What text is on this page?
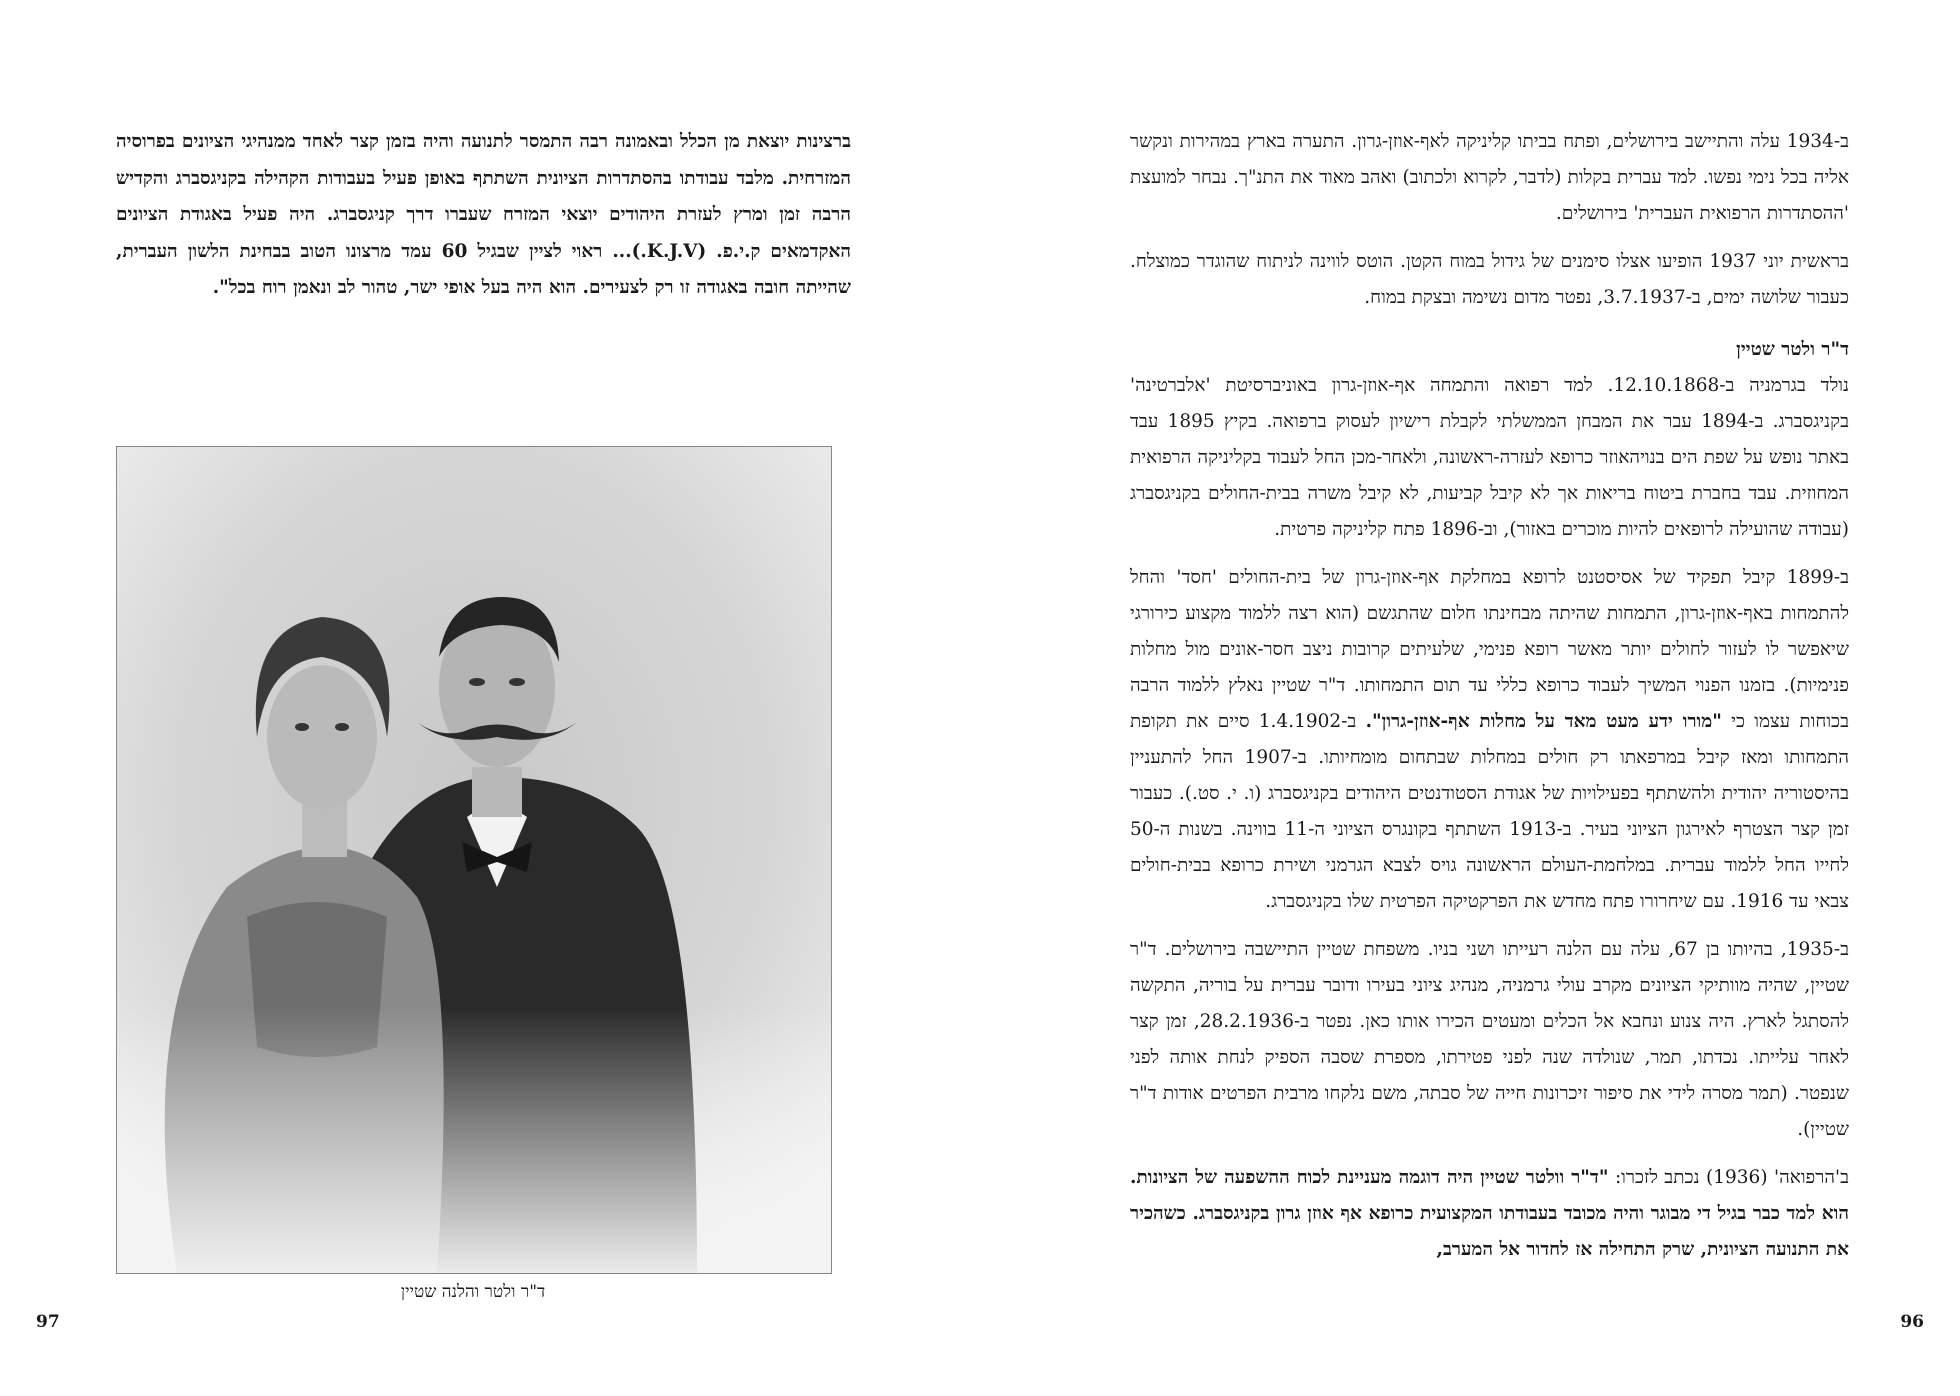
ברצינות יוצאת מן הכלל ובאמונה רבה התמסר לתנועה והיה בזמן קצר לאחד ממנהיגי הציונים בפרוסיה המזרחית. מלבד עבודתו בהסתדרות הציונית השתתף באופן פעיל בעבודות הקהילה בקניגסברג והקדיש הרבה זמן ומרץ לעזרת היהודים יוצאי המזרח שעברו דרך קניגסברג. היה פעיל באגודת הציונים האקדמאים ק.י.פ. (K.J.V.)... ראוי לציין שבגיל 60 עמד מרצונו הטוב בבחינת הלשון העברית, שהייתה חובה באגודה זו רק לצעירים. הוא היה בעל אופי ישר, טהור לב ונאמן רוח בכל".

ד"ר ולטר והלנה שטיין
97

ב-1934 עלה והתיישב בירושלים, ופתח בביתו קליניקה לאף-אוזן-גרון. התערה בארץ במהירות ונקשר אליה בכל נימי נפשו. למד עברית בקלות (לדבר, לקרוא ולכתוב) ואהב מאוד את התנ"ך. נבחר למועצת 'ההסתדרות הרפואית העברית' בירושלים.

בראשית יוני 1937 הופיעו אצלו סימנים של גידול במוח הקטן. הוטס לווינה לניתוח שהוגדר כמוצלח. כעבור שלושה ימים, ב-3.7.1937, נפטר מדום נשימה ובצקת במוח.

ד"ר ולטר שטיין

נולד בגרמניה ב-12.10.1868. למד רפואה והתמחה אף-אוזן-גרון באוניברסיטת 'אלברטינה' בקניגסברג. ב-1894 עבר את המבחן הממשלתי לקבלת רישיון לעסוק ברפואה. בקיץ 1895 עבד באתר נופש על שפת הים בנויהאוזר כרופא לעזרה-ראשונה, ולאחר-מכן החל לעבוד בקליניקה הרפואית המחוזית. עבד בחברת ביטוח בריאות אך לא קיבל קביעות, לא קיבל משרה בבית-החולים בקניגסברג (עבודה שהועילה לרופאים להיות מוכרים באזור), וב-1896 פתח קליניקה פרטית.

ב-1899 קיבל תפקיד של אסיסטנט לרופא במחלקת אף-אוזן-גרון של בית-החולים 'חסד' והחל להתמחות באף-אוזן-גרון, התמחות שהיתה מבחינתו חלום שהתגשם (הוא רצה ללמוד מקצוע כירורגי שיאפשר לו לעזור לחולים יותר מאשר רופא פנימי, שלעיתים קרובות ניצב חסר-אונים מול מחלות פנימיות). בזמנו הפנוי המשיך לעבוד כרופא כללי עד תום התמחותו. ד"ר שטיין נאלץ ללמוד הרבה בכוחות עצמו כי "מורו ידע מעט מאד על מחלות אף-אוזן-גרון". ב-1.4.1902 סיים את תקופת התמחותו ומאז קיבל במרפאתו רק חולים במחלות שבתחום מומחיותו. ב-1907 החל להתעניין בהיסטוריה יהודית ולהשתתף בפעילויות של אגודת הסטודנטים היהודים בקניגסברג (ו. י. סט.). כעבור זמן קצר הצטרף לאירגון הציוני בעיר. ב-1913 השתתף בקונגרס הציוני ה-11 בווינה. בשנות ה-50 לחייו החל ללמוד עברית. במלחמת-העולם הראשונה גויס לצבא הגרמני ושירת כרופא בבית-חולים צבאי עד 1916. עם שיחרורו פתח מחדש את הפרקטיקה הפרטית שלו בקניגסברג.

ב-1935, בהיותו בן 67, עלה עם הלנה רעייתו ושני בניו. משפחת שטיין התיישבה בירושלים. ד"ר שטיין, שהיה מוותיקי הציונים מקרב עולי גרמניה, מנהיג ציוני בעירו ודובר עברית על בוריה, התקשה להסתגל לארץ. היה צנוע ונחבא אל הכלים ומעטים הכירו אותו כאן. נפטר ב-28.2.1936, זמן קצר לאחר עלייתו. נכדתו, תמר, שנולדה שנה לפני פטירתו, מספרת שסבה הספיק לנחת אותה לפני שנפטר. (תמר מסרה לידי את סיפור זיכרונות חייה של סבתה, משם נלקחו מרבית הפרטים אודות ד"ר שטיין).

ב'הרפואה' (1936) נכתב לזכרו: "ד"ר וולטר שטיין היה דוגמה מעניינת לכוח ההשפעה של הציונות. הוא למד כבר בגיל די מבוגר והיה מכובד בעבודתו המקצועית כרופא אף אוזן גרון בקניגסברג. כשהכיר את התנועה הציונית, שרק התחילה אז לחדור אל המערב,

96
